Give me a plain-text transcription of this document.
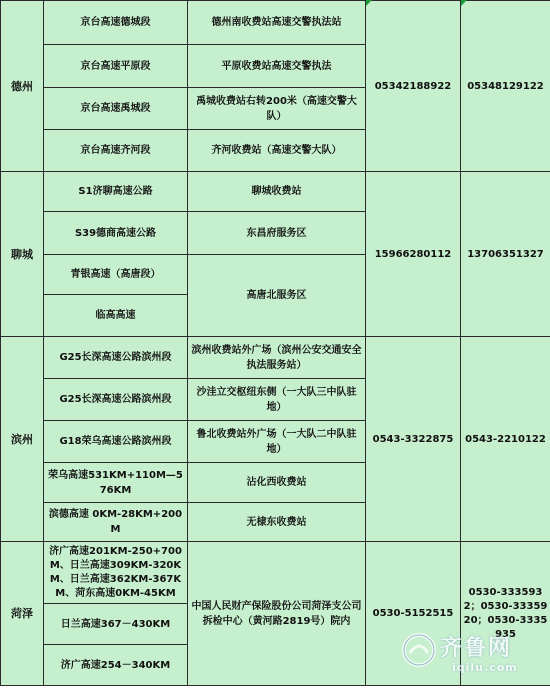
德州	京台高速德城段	德州南收费站高速交警执法站	05342188922	05348129122
	京台高速平原段	平原收费站高速交警执法		
	京台高速禹城段	禹城收费站右转200米（高速交警大队）		
	京台高速齐河段	齐河收费站（高速交警大队）		
聊城	S1济聊高速公路	聊城收费站	15966280112	13706351327
	S39德商高速公路	东昌府服务区		
	青银高速（高唐段）	高唐北服务区		
	临高高速			
滨州	G25长深高速公路滨州段	滨州收费站外广场（滨州公安交通安全执法服务站）	0543-3322875	0543-2210122
	G25长深高速公路滨州段	沙洼立交枢纽东侧（一大队三中队驻地）		
	G18荣乌高速公路滨州段	鲁北收费站外广场（一大队二中队驻地）		
	荣乌高速531KM+110M—576KM	沾化西收费站		
	滨德高速 0KM-28KM+200M	无棣东收费站		
菏泽	济广高速201KM-250+700M、日兰高速309KM-320KM、日兰高速362KM-367KM、菏东高速0KM-45KM	中国人民财产保险股份公司菏泽支公司拆检中心（黄河路2819号）院内	0530-5152515	0530-3335932；0530-3335920；0530-3335935
	日兰高速367－430KM			
	济广高速254－340KM			
齐鲁网
iqilu.com
